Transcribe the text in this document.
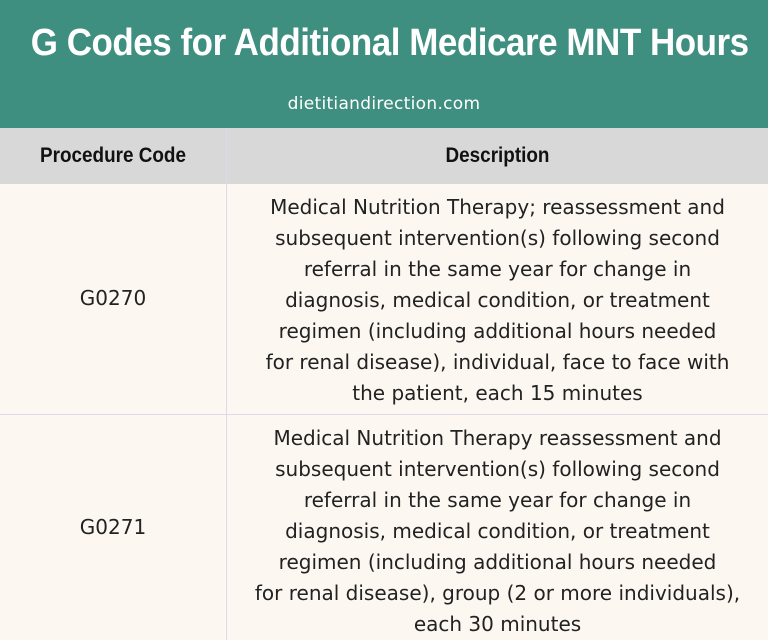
G Codes for Additional Medicare MNT Hours
dietitiandirection.com
Procedure Code	Description
G0270
Medical Nutrition Therapy; reassessment and
subsequent intervention(s) following second
referral in the same year for change in
diagnosis, medical condition, or treatment
regimen (including additional hours needed
for renal disease), individual, face to face with
the patient, each 15 minutes
G0271
Medical Nutrition Therapy reassessment and
subsequent intervention(s) following second
referral in the same year for change in
diagnosis, medical condition, or treatment
regimen (including additional hours needed
for renal disease), group (2 or more individuals),
each 30 minutes
